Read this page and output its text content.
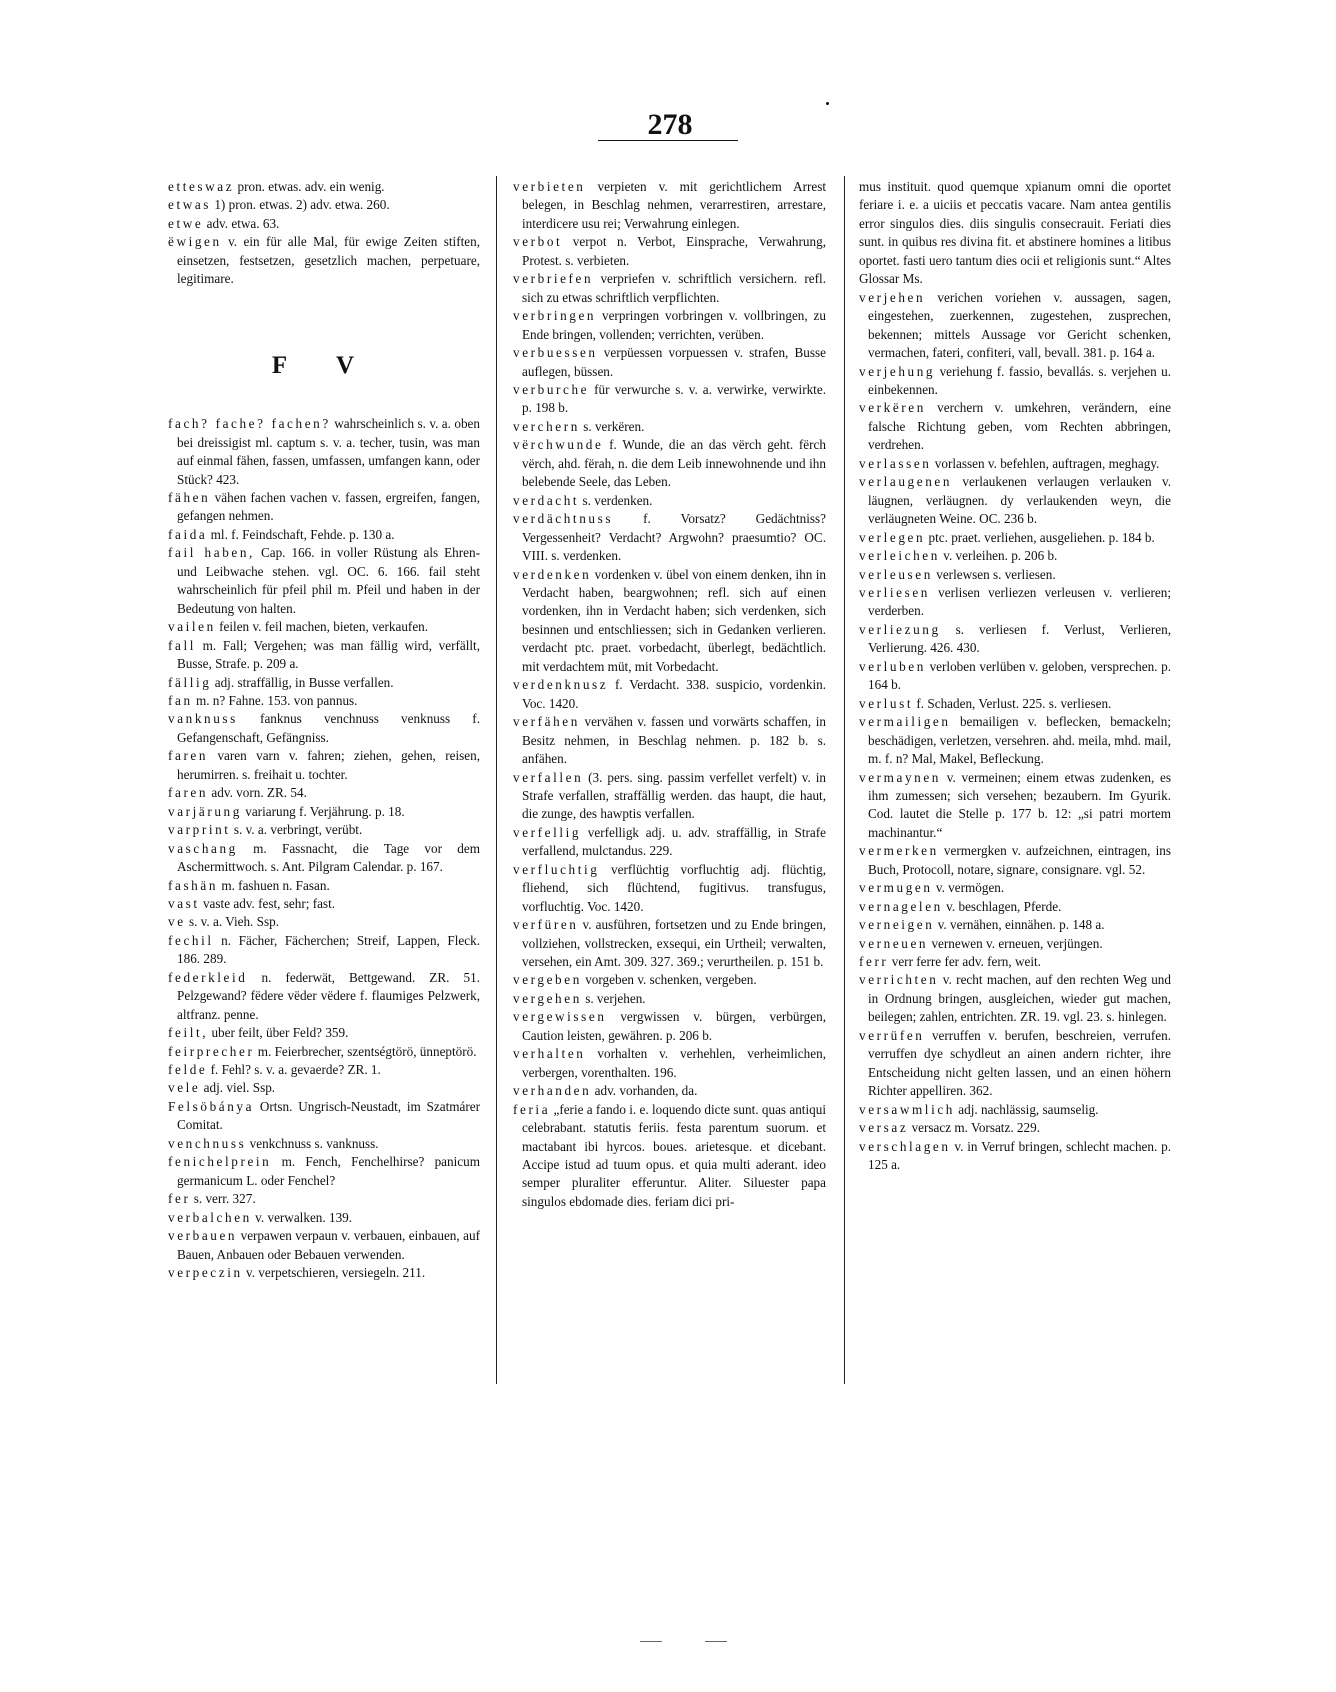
278

etteswaz pron. etwas. adv. ein wenig.

etwas 1) pron. etwas. 2) adv. etwa. 260.

etwe adv. etwa. 63.

ëwigen v. ein für alle Mal, für ewige Zeiten stiften, einsetzen, festsetzen, gesetzlich machen, perpetuare, legitimare.

F V

fach? fache? fachen? wahrscheinlich s. v. a. oben bei dreissigist ml. captum s. v. a. techer, tusin, was man auf einmal fähen, fassen, umfassen, umfangen kann, oder Stück? 423.

fähen vähen fachen vachen v. fassen, ergreifen, fangen, gefangen nehmen.

faida ml. f. Feindschaft, Fehde. p. 130 a.

fail haben, Cap. 166. in voller Rüstung als Ehren- und Leibwache stehen. vgl. OC. 6. 166. fail steht wahrscheinlich für pfeil phil m. Pfeil und haben in der Bedeutung von halten.

vailen feilen v. feil machen, bieten, verkaufen.

fall m. Fall; Vergehen; was man fällig wird, verfällt, Busse, Strafe. p. 209 a.

fällig adj. straffällig, in Busse verfallen.

fan m. n? Fahne. 153. von pannus.

vanknuss fanknus venchnuss venknuss f. Gefangenschaft, Gefängniss.

faren varen varn v. fahren; ziehen, gehen, reisen, herumirren. s. freihait u. tochter.

faren adv. vorn. ZR. 54.

varjärung variarung f. Verjährung. p. 18.

varprint s. v. a. verbringt, verübt.

vaschang m. Fassnacht, die Tage vor dem Aschermittwoch. s. Ant. Pilgram Calendar. p. 167.

fashän m. fashuen n. Fasan.

vast vaste adv. fest, sehr; fast.

ve s. v. a. Vieh. Ssp.

fechil n. Fächer, Fächerchen; Streif, Lappen, Fleck. 186. 289.

federkleid n. federwät, Bettgewand. ZR. 51. Pelzgewand? fëdere vëder vëdere f. flaumiges Pelzwerk, altfranz. penne.

feilt, uber feilt, über Feld? 359.

feirprecher m. Feierbrecher, szentségtörö, ünneptörö.

felde f. Fehl? s. v. a. gevaerde? ZR. 1.

vele adj. viel. Ssp.

Felsöbánya Ortsn. Ungrisch-Neustadt, im Szatmárer Comitat.

venchnuss venkchnuss s. vanknuss.

fenichelprein m. Fench, Fenchelhirse? panicum germanicum L. oder Fenchel?

fer s. verr. 327.

verbalchen v. verwalken. 139.

verbauen verpawen verpaun v. verbauen, einbauen, auf Bauen, Anbauen oder Bebauen verwenden.

verpeczin v. verpetschieren, versiegeln. 211.

verbieten verpieten v. mit gerichtlichem Arrest belegen, in Beschlag nehmen, verarrestiren, arrestare, interdicere usu rei; Verwahrung einlegen.

verbot verpot n. Verbot, Einsprache, Verwahrung, Protest. s. verbieten.

verbriefen verpriefen v. schriftlich versichern. refl. sich zu etwas schriftlich verpflichten.

verbringen verpringen vorbringen v. vollbringen, zu Ende bringen, vollenden; verrichten, verüben.

verbuessen verpüessen vorpuessen v. strafen, Busse auflegen, büssen.

verburche für verwurche s. v. a. verwirke, verwirkte. p. 198 b.

verchern s. verkëren.

vërchwunde f. Wunde, die an das vërch geht. fërch vërch, ahd. fërah, n. die dem Leib innewohnende und ihn belebende Seele, das Leben.

verdacht s. verdenken.

verdächtnuss f. Vorsatz? Gedächtniss? Vergessenheit? Verdacht? Argwohn? praesumtio? OC. VIII. s. verdenken.

verdenken vordenken v. übel von einem denken, ihn in Verdacht haben, beargwohnen; refl. sich auf einen vordenken, ihn in Verdacht haben; sich verdenken, sich besinnen und entschliessen; sich in Gedanken verlieren. verdacht ptc. praet. vorbedacht, überlegt, bedächtlich. mit verdachtem müt, mit Vorbedacht.

verdenknusz f. Verdacht. 338. suspicio, vordenkin. Voc. 1420.

verfähen vervähen v. fassen und vorwärts schaffen, in Besitz nehmen, in Beschlag nehmen. p. 182 b. s. anfähen.

verfallen (3. pers. sing. passim verfellet verfelt) v. in Strafe verfallen, straffällig werden. das haupt, die haut, die zunge, des hawptis verfallen.

verfellig verfelligk adj. u. adv. straffällig, in Strafe verfallend, mulctandus. 229.

verfluchtig verflüchtig vorfluchtig adj. flüchtig, fliehend, sich flüchtend, fugitivus. transfugus, vorfluchtig. Voc. 1420.

verfüren v. ausführen, fortsetzen und zu Ende bringen, vollziehen, vollstrecken, exsequi, ein Urtheil; verwalten, versehen, ein Amt. 309. 327. 369.; verurtheilen. p. 151 b.

vergeben vorgeben v. schenken, vergeben.

vergehen s. verjehen.

vergewissen vergwissen v. bürgen, verbürgen, Caution leisten, gewähren. p. 206 b.

verhalten vorhalten v. verhehlen, verheimlichen, verbergen, vorenthalten. 196.

verhanden adv. vorhanden, da.

feria „ferie a fando i. e. loquendo dicte sunt. quas antiqui celebrabant. statutis feriis. festa parentum suorum. et mactabant ibi hyrcos. boues. arietesque. et dicebant. Accipe istud ad tuum opus. et quia multi aderant. ideo semper pluraliter efferuntur. Aliter. Siluester papa singulos ebdomade dies. feriam dici pri-

mus instituit. quod quemque xpianum omni die oportet feriare i. e. a uiciis et peccatis vacare. Nam antea gentilis error singulos dies. diis singulis consecrauit. Feriati dies sunt. in quibus res divina fit. et abstinere homines a litibus oportet. fasti uero tantum dies ocii et religionis sunt.“ Altes Glossar Ms.

verjehen verichen voriehen v. aussagen, sagen, eingestehen, zuerkennen, zugestehen, zusprechen, bekennen; mittels Aussage vor Gericht schenken, vermachen, fateri, confiteri, vall, bevall. 381. p. 164 a.

verjehung veriehung f. fassio, bevallás. s. verjehen u. einbekennen.

verkëren verchern v. umkehren, verändern, eine falsche Richtung geben, vom Rechten abbringen, verdrehen.

verlassen vorlassen v. befehlen, auftragen, meghagy.

verlaugenen verlaukenen verlaugen verlauken v. läugnen, verläugnen. dy verlaukenden weyn, die verläugneten Weine. OC. 236 b.

verlegen ptc. praet. verliehen, ausgeliehen. p. 184 b.

verleichen v. verleihen. p. 206 b.

verleusen verlewsen s. verliesen.

verliesen verlisen verliezen verleusen v. verlieren; verderben.

verliezung s. verliesen f. Verlust, Verlieren, Verlierung. 426. 430.

verluben verloben verlüben v. geloben, versprechen. p. 164 b.

verlust f. Schaden, Verlust. 225. s. verliesen.

vermailigen bemailigen v. beflecken, bemackeln; beschädigen, verletzen, versehren. ahd. meila, mhd. mail, m. f. n? Mal, Makel, Befleckung.

vermaynen v. vermeinen; einem etwas zudenken, es ihm zumessen; sich versehen; bezaubern. Im Gyurik. Cod. lautet die Stelle p. 177 b. 12: „si patri mortem machinantur.“

vermerken vermergken v. aufzeichnen, eintragen, ins Buch, Protocoll, notare, signare, consignare. vgl. 52.

vermugen v. vermögen.

vernagelen v. beschlagen, Pferde.

verneigen v. vernähen, einnähen. p. 148 a.

verneuen vernewen v. erneuen, verjüngen.

ferr verr ferre fer adv. fern, weit.

verrichten v. recht machen, auf den rechten Weg und in Ordnung bringen, ausgleichen, wieder gut machen, beilegen; zahlen, entrichten. ZR. 19. vgl. 23. s. hinlegen.

verrüfen verruffen v. berufen, beschreien, verrufen. verruffen dye schydleut an ainen andern richter, ihre Entscheidung nicht gelten lassen, und an einen höhern Richter appelliren. 362.

versawmlich adj. nachlässig, saumselig.

versaz versacz m. Vorsatz. 229.

verschlagen v. in Verruf bringen, schlecht machen. p. 125 a.
